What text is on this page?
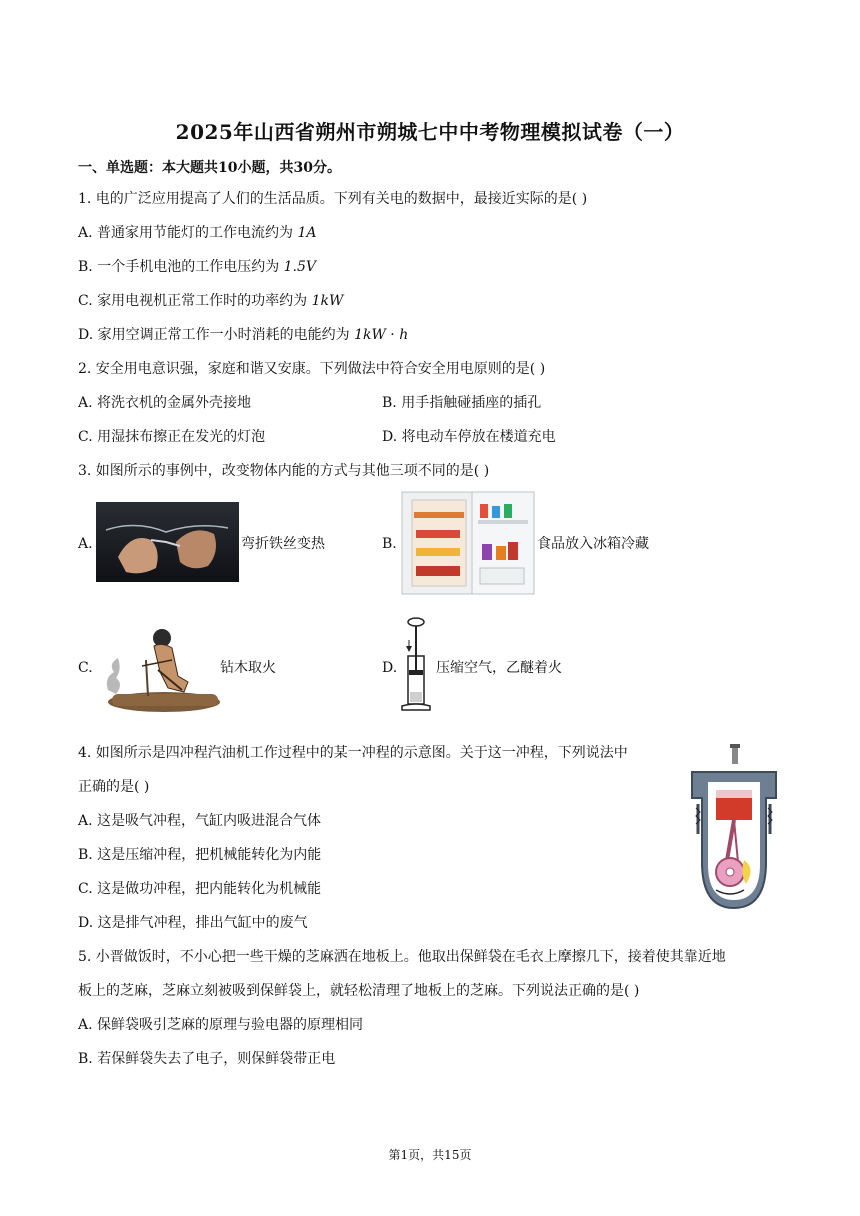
2025年山西省朔州市朔城七中中考物理模拟试卷（一）
一、单选题：本大题共10小题，共30分。
1. 电的广泛应用提高了人们的生活品质。下列有关电的数据中，最接近实际的是( )
A. 普通家用节能灯的工作电流约为 1A
B. 一个手机电池的工作电压约为 1.5V
C. 家用电视机正常工作时的功率约为 1kW
D. 家用空调正常工作一小时消耗的电能约为 1kW · h
2. 安全用电意识强，家庭和谐又安康。下列做法中符合安全用电原则的是( )
A. 将洗衣机的金属外壳接地	B. 用手指触碰插座的插孔
C. 用湿抹布擦正在发光的灯泡	D. 将电动车停放在楼道充电
3. 如图所示的事例中，改变物体内能的方式与其他三项不同的是( )
A.	弯折铁丝变热	B.	食品放入冰箱冷藏
C.	钻木取火	D.	压缩空气，乙醚着火
4. 如图所示是四冲程汽油机工作过程中的某一冲程的示意图。关于这一冲程，下列说法中
正确的是( )
A. 这是吸气冲程，气缸内吸进混合气体
B. 这是压缩冲程，把机械能转化为内能
C. 这是做功冲程，把内能转化为机械能
D. 这是排气冲程，排出气缸中的废气
5. 小晋做饭时，不小心把一些干燥的芝麻洒在地板上。他取出保鲜袋在毛衣上摩擦几下，接着使其靠近地
板上的芝麻，芝麻立刻被吸到保鲜袋上，就轻松清理了地板上的芝麻。下列说法正确的是( )
A. 保鲜袋吸引芝麻的原理与验电器的原理相同
B. 若保鲜袋失去了电子，则保鲜袋带正电
第1页，共15页
